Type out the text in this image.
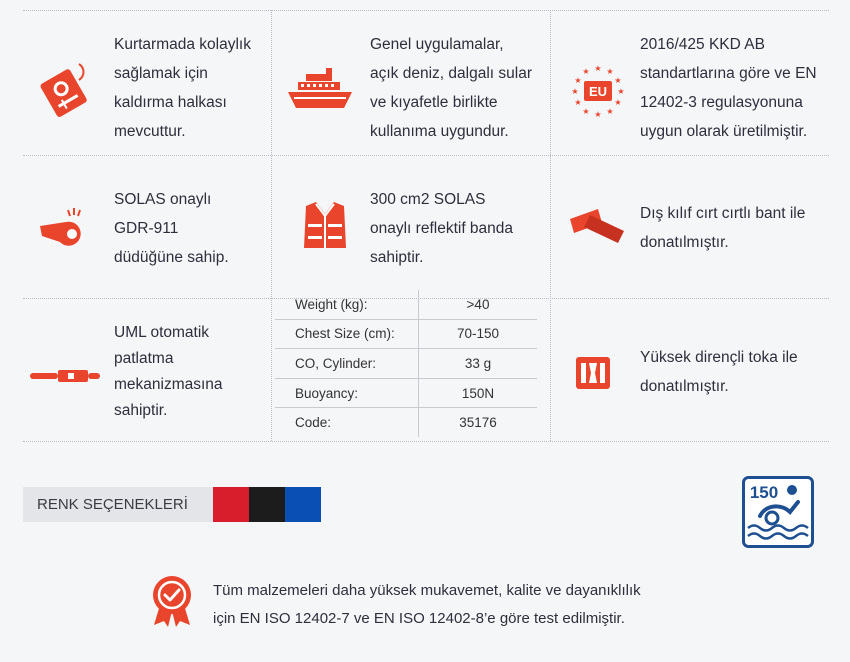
Kurtarmada kolaylık
sağlamak için
kaldırma halkası
mevcuttur.
Genel uygulamalar,
açık deniz, dalgalı sular
ve kıyafetle birlikte
kullanıma uygundur.
★ ★
★
★
★
★
★
★
★
★
★
★
EU
2016/425 KKD AB
standartlarına göre ve EN
12402-3 regulasyonuna
uygun olarak üretilmiştir.
SOLAS onaylı
GDR-911
düdüğüne sahip.
300 cm2 SOLAS
onaylı reflektif banda
sahiptir.
Dış kılıf cırt cırtlı bant ile
donatılmıştır.
UML otomatik
patlatma
mekanizmasına
sahiptir.
Weight (kg):	>40
Chest Size (cm):	70-150
CO, Cylinder:	33 g
Buoyancy:	150N
Code:	35176
Yüksek dirençli toka ile
donatılmıştır.
RENK SEÇENEKLERİ
150
Tüm malzemeleri daha yüksek mukavemet, kalite ve dayanıklılık
için EN ISO 12402-7 ve EN ISO 12402-8’e göre test edilmiştir.
